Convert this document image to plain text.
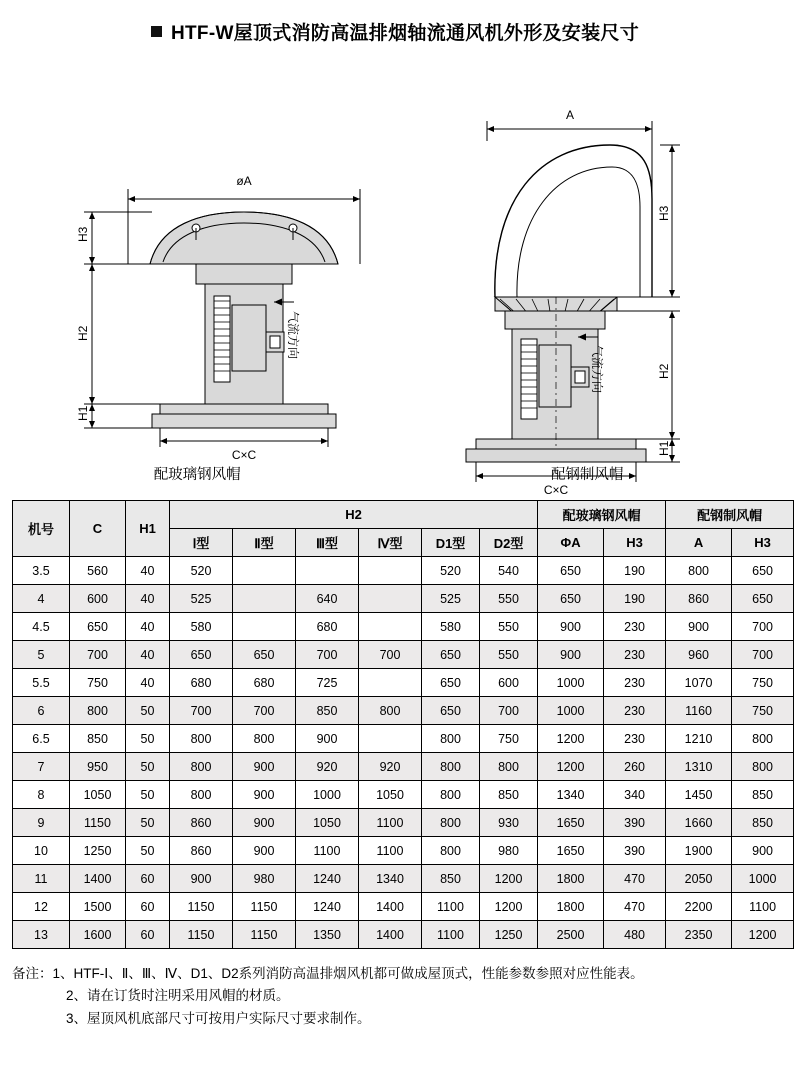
HTF-W屋顶式消防高温排烟轴流通风机外形及安装尺寸
øA
气流方向
H3
H2
H1
C×C
A
气流方向
H3
H2
H1
C×C
配玻璃钢风帽	配钢制风帽
机号	C	H1	H2						配玻璃钢风帽		配钢制风帽	
			Ⅰ型	Ⅱ型	Ⅲ型	Ⅳ型	D1型	D2型	ΦA	H3	A	H3
3.5	560	40	520				520	540	650	190	800	650
4	600	40	525		640		525	550	650	190	860	650
4.5	650	40	580		680		580	550	900	230	900	700
5	700	40	650	650	700	700	650	550	900	230	960	700
5.5	750	40	680	680	725		650	600	1000	230	1070	750
6	800	50	700	700	850	800	650	700	1000	230	1160	750
6.5	850	50	800	800	900		800	750	1200	230	1210	800
7	950	50	800	900	920	920	800	800	1200	260	1310	800
8	1050	50	800	900	1000	1050	800	850	1340	340	1450	850
9	1150	50	860	900	1050	1100	800	930	1650	390	1660	850
10	1250	50	860	900	1100	1100	800	980	1650	390	1900	900
11	1400	60	900	980	1240	1340	850	1200	1800	470	2050	1000
12	1500	60	1150	1150	1240	1400	1100	1200	1800	470	2200	1100
13	1600	60	1150	1150	1350	1400	1100	1250	2500	480	2350	1200
备注：1、HTF-Ⅰ、Ⅱ、Ⅲ、Ⅳ、D1、D2系列消防高温排烟风机都可做成屋顶式，性能参数参照对应性能表。
2、请在订货时注明采用风帽的材质。
3、屋顶风机底部尺寸可按用户实际尺寸要求制作。
